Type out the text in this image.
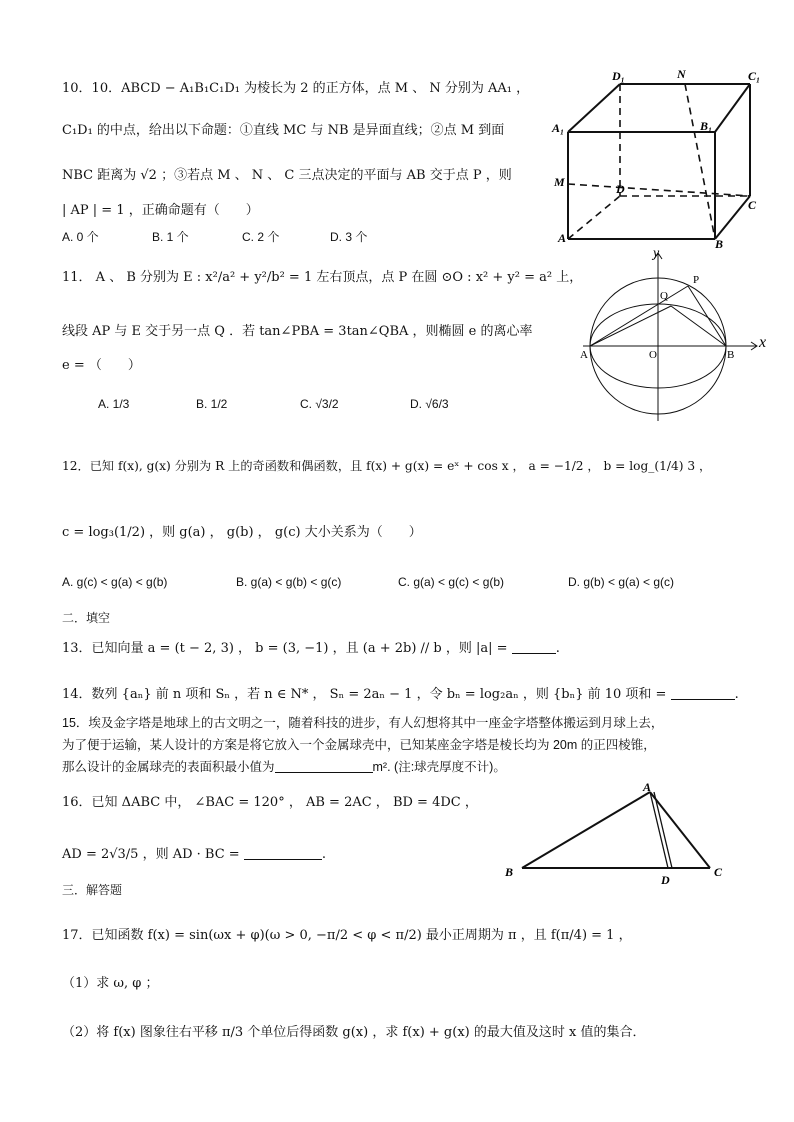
10．10．ABCD − A₁B₁C₁D₁ 为棱长为 2 的正方体，点 M 、 N 分别为 AA₁ ，
C₁D₁ 的中点，给出以下命题：①直线 MC 与 NB 是异面直线；②点 M 到面
NBC 距离为 √2 ；③若点 M 、 N 、 C 三点决定的平面与 AB 交于点 P ，则
| AP | = 1 ，正确命题有（　　）
A. 0 个	B. 1 个	C. 2 个	D. 3 个
D₁	N	C₁
A₁	B₁
M	D
C
A	B
11． A 、 B 分别为 E : x²/a² + y²/b² = 1 左右顶点，点 P 在圆 ⊙O : x² + y² = a² 上，
线段 AP 与 E 交于另一点 Q ．若 tan∠PBA = 3tan∠QBA ，则椭圆 e 的离心率
e = （　　）
A. 1/3	B. 1/2	C. √3/2	D. √6/3
y
P
Q
x
A	O	B
12．已知 f(x), g(x) 分别为 R 上的奇函数和偶函数，且 f(x) + g(x) = eˣ + cos x ， a = −1/2 ， b = log_(1/4) 3 ，
c = log₃(1/2) ，则 g(a) ， g(b) ， g(c) 大小关系为（　　）
A. g(c) < g(a) < g(b)	B. g(a) < g(b) < g(c)	C. g(a) < g(c) < g(b)	D. g(b) < g(a) < g(c)
二．填空
13．已知向量 a = (t − 2, 3) ， b = (3, −1) ，且 (a + 2b) // b ，则 |a| =	.
14．数列 {aₙ} 前 n 项和 Sₙ ，若 n ∈ N* ， Sₙ = 2aₙ − 1 ，令 bₙ = log₂aₙ ，则 {bₙ} 前 10 项和 =	.
15．埃及金字塔是地球上的古文明之一，随着科技的进步，有人幻想将其中一座金字塔整体搬运到月球上去，
为了便于运输，某人设计的方案是将它放入一个金属球壳中，已知某座金字塔是棱长均为 20m 的正四棱锥，
那么设计的金属球壳的表面积最小值为	m². (注:球壳厚度不计)。
16．已知 ΔABC 中， ∠BAC = 120° ， AB = 2AC ， BD = 4DC ，
AD = 2√3/5 ，则 AD · BC =	.
A
B
D
C
三．解答题
17．已知函数 f(x) = sin(ωx + φ)(ω > 0, −π/2 < φ < π/2) 最小正周期为 π ，且 f(π/4) = 1 ，
（1）求 ω, φ ；
（2）将 f(x) 图象往右平移 π/3 个单位后得函数 g(x) ，求 f(x) + g(x) 的最大值及这时 x 值的集合．
